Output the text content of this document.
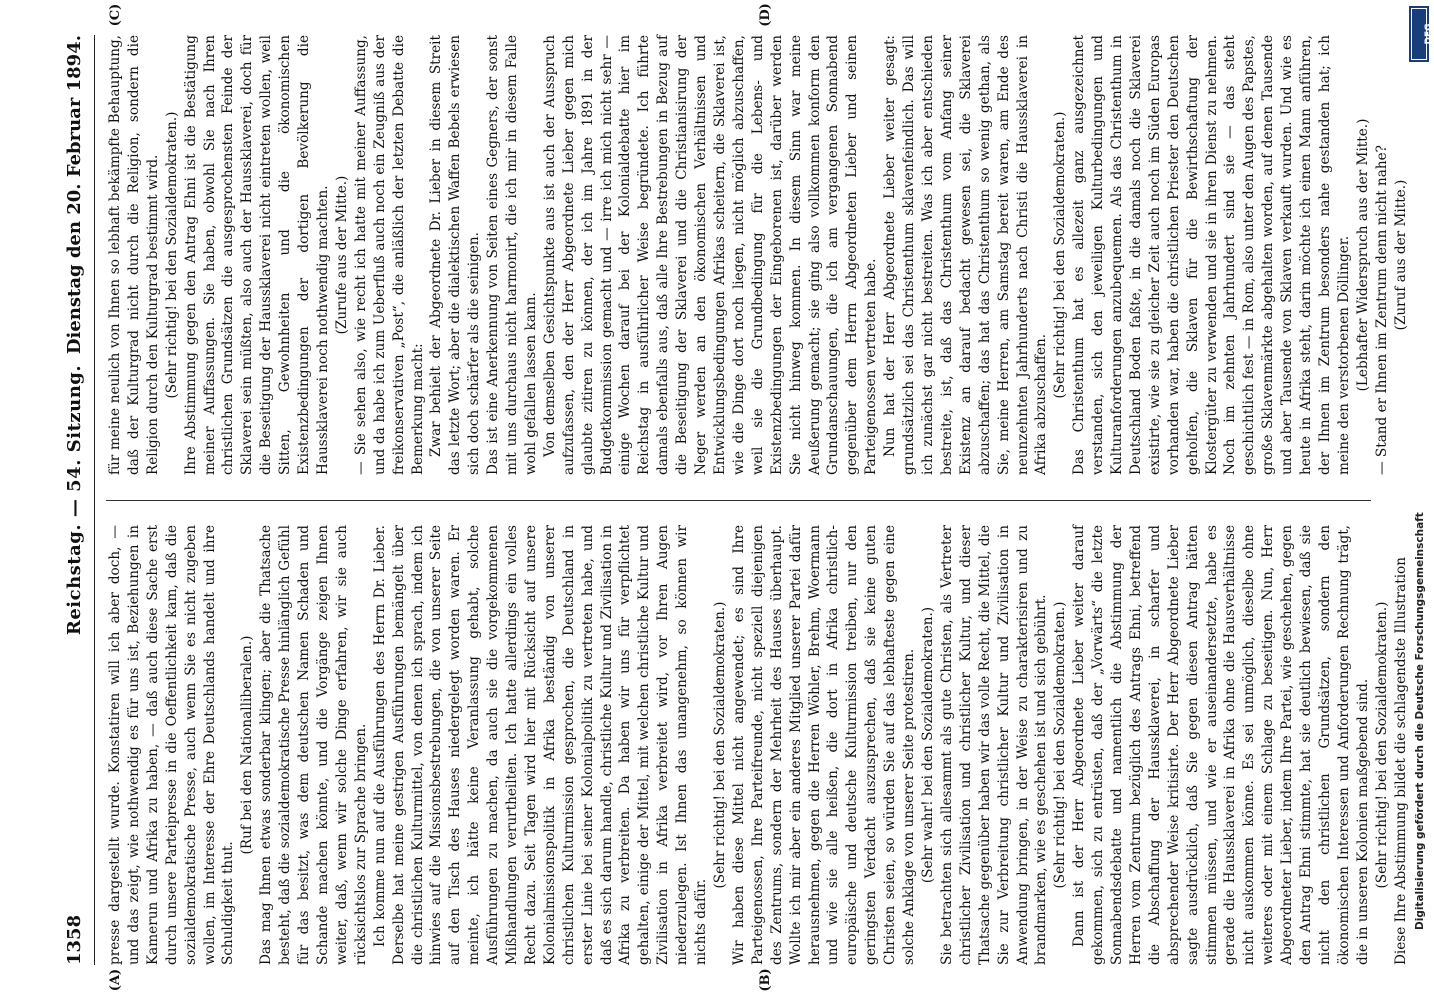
1358
Reichstag. — 54. Sitzung.
Dienstag den 20. Februar 1894.

presse dargestellt wurde. Konstatiren will ich aber doch, — und das zeigt, wie nothwendig es für uns ist, Beziehungen in Kamerun und Afrika zu haben, — daß auch diese Sache erst durch unsere Parteipresse in die Oeffentlichkeit kam, daß die sozialdemokratische Presse, auch wenn Sie es nicht zugeben wollen, im Interesse der Ehre Deutschlands handelt und ihre Schuldigkeit thut.

(Ruf bei den Nationalliberalen.) Das mag Ihnen etwas sonderbar klingen; aber die Thatsache besteht, daß die sozialdemokratische Presse hinlänglich Gefühl für das besitzt, was dem deutschen Namen Schaden und Schande machen könnte, und die Vorgänge zeigen Ihnen weiter, daß, wenn wir solche Dinge erfahren, wir sie auch rücksichtslos zur Sprache bringen. Ich komme nun auf die Ausführungen des Herrn Dr. Lieber. Derselbe hat meine gestrigen Ausführungen bemängelt über die christlichen Kulturmittel, von denen ich sprach, indem ich hinwies auf die Missionsbestrebungen, die von unserer Seite auf den Tisch des Hauses niedergelegt worden waren. Er meinte, ich hätte keine Veranlassung gehabt, solche Ausführungen zu machen, da auch sie die vorgekommenen Mißhandlungen verurtheilten. Ich hatte allerdings ein volles Recht dazu. Seit Tagen wird hier mit Rücksicht auf unsere Kolonialmissionspolitik in Afrika beständig von unserer christlichen Kulturmission gesprochen, die Deutschland in erster Linie bei seiner Kolonialpolitik zu vertreten habe, und daß es sich darum handle, christliche Kultur und Zivilisation in Afrika zu verbreiten. Da haben wir uns für verpflichtet gehalten, einige der Mittel, mit welchen christliche Kultur und Zivilisation in Afrika verbreitet wird, vor Ihren Augen niederzulegen. Ist Ihnen das unangenehm, so können wir nichts dafür.

(Sehr richtig! bei den Sozialdemokraten.) Wir haben diese Mittel nicht angewendet; es sind Ihre Parteigenossen, Ihre Parteifreunde, nicht speziell diejenigen des Zentrums, sondern der Mehrheit des Hauses überhaupt. Wollte ich mir aber ein anderes Mitglied unserer Partei dafür herausnehmen, gegen die Herren Wöhler, Brehm, Woermann und wie sie alle heißen, die dort in Afrika christlich-europäische und deutsche Kulturmission treiben, nur den geringsten Verdacht auszusprechen, daß sie keine guten Christen seien, so würden Sie auf das lebhafteste gegen eine solche Anklage von unserer Seite protestiren. (Sehr wahr! bei den Sozialdemokraten.) Sie betrachten sich allesammt als gute Christen, als Vertreter christlicher Zivilisation und christlicher Kultur, und dieser Thatsache gegenüber haben wir das volle Recht, die Mittel, die Sie zur Verbreitung christlicher Kultur und Zivilisation in Anwendung bringen, in der Weise zu charakterisiren und zu brandmarken, wie es geschehen ist und sich gebührt. (Sehr richtig! bei den Sozialdemokraten.) Dann ist der Herr Abgeordnete Lieber weiter darauf gekommen, sich zu entrüsten, daß der „Vorwärts“ die letzte Sonnabendsdebatte und namentlich die Abstimmung der Herren vom Zentrum bezüglich des Antrags Ehni, betreffend die Abschaffung der Haussklaverei, in scharfer und absprechender Weise kritisirte. Der Herr Abgeordnete Lieber sagte ausdrücklich, daß Sie gegen diesen Antrag hätten stimmen müssen, und wie er auseinandersetzte, habe es gerade die Haussklaverei in Afrika ohne die Hausverhältnisse nicht auskommen könne. Es sei unmöglich, dieselbe ohne weiteres oder mit einem Schlage zu beseitigen. Nun, Herr Abgeordneter Lieber, indem Ihre Partei, wie geschehen, gegen den Antrag Ehni stimmte, hat sie deutlich bewiesen, daß sie nicht den christlichen Grundsätzen, sondern den ökonomischen Interessen und Anforderungen Rechnung trägt, die in unseren Kolonien maßgebend sind. (Sehr richtig! bei den Sozialdemokraten.) Diese Ihre Abstimmung bildet die schlagendste Illustration

für meine neulich von Ihnen so lebhaft bekämpfte Behauptung, daß der Kulturgrad nicht durch die Religion, sondern die Religion durch den Kulturgrad bestimmt wird. (Sehr richtig! bei den Sozialdemokraten.) Ihre Abstimmung gegen den Antrag Ehni ist die Bestätigung meiner Auffassungen. Sie haben, obwohl Sie nach Ihren christlichen Grundsätzen die ausgesprochensten Feinde der Sklaverei sein müßten, also auch der Haussklaverei, doch für die Beseitigung der Haussklaverei nicht eintreten wollen, weil Sitten, Gewohnheiten und die ökonomischen Existenzbedingungen der dortigen Bevölkerung die Haussklaverei noch nothwendig machten. (Zurufe aus der Mitte.) — Sie sehen also, wie recht ich hatte mit meiner Auffassung, und da habe ich zum Ueberfluß auch noch ein Zeugniß aus der freikonservativen „Post“, die anläßlich der letzten Debatte die Bemerkung macht: Zwar behielt der Abgeordnete Dr. Lieber in diesem Streit das letzte Wort; aber die dialektischen Waffen Bebels erwiesen sich doch schärfer als die seinigen. Das ist eine Anerkennung von Seiten eines Gegners, der sonst mit uns durchaus nicht harmonirt, die ich mir in diesem Falle wohl gefallen lassen kann. Von demselben Gesichtspunkte aus ist auch der Ausspruch aufzufassen, den der Herr Abgeordnete Lieber gegen mich glaubte zitiren zu können, der ich im Jahre 1891 in der Budgetkommission gemacht und — irre ich mich nicht sehr — einige Wochen darauf bei der Kolonialdebatte hier im Reichstag in ausführlicher Weise begründete. Ich führte damals ebenfalls aus, daß alle Ihre Bestrebungen in Bezug auf die Beseitigung der Sklaverei und die Christianisirung der Neger werden an den ökonomischen Verhältnissen und Entwicklungsbedingungen Afrikas scheitern, die Sklaverei ist, wie die Dinge dort noch liegen, nicht möglich abzuschaffen, weil sie die Grundbedingung für die Lebens- und Existenzbedingungen der Eingeborenen ist, darüber werden Sie nicht hinweg kommen. In diesem Sinn war meine Aeußerung gemacht; sie ging also vollkommen konform den Grundanschauungen, die ich am vergangenen Sonnabend gegenüber dem Herrn Abgeordneten Lieber und seinen Parteigenossen vertreten habe. Nun hat der Herr Abgeordnete Lieber weiter gesagt: grundsätzlich sei das Christenthum sklavenfeindlich. Das will ich zunächst gar nicht bestreiten. Was ich aber entschieden bestreite, ist, daß das Christenthum vom Anfang seiner Existenz an darauf bedacht gewesen sei, die Sklaverei abzuschaffen; das hat das Christenthum so wenig gethan, als Sie, meine Herren, am Samstag bereit waren, am Ende des neunzehnten Jahrhunderts nach Christi die Haussklaverei in Afrika abzuschaffen.

(Sehr richtig! bei den Sozialdemokraten.) Das Christenthum hat es allezeit ganz ausgezeichnet verstanden, sich den jeweiligen Kulturbedingungen und Kulturanforderungen anzubequemen. Als das Christenthum in Deutschland Boden faßte, in die damals noch die Sklaverei existirte, wie sie zu gleicher Zeit auch noch im Süden Europas vorhanden war, haben die christlichen Priester den Deutschen geholfen, die Sklaven für die Bewirthschaftung der Klostergüter zu verwenden und sie in ihren Dienst zu nehmen. Noch im zehnten Jahrhundert sind sie — das steht geschichtlich fest — in Rom, also unter den Augen des Papstes, große Sklavenmärkte abgehalten worden, auf denen Tausende und aber Tausende von Sklaven verkauft wurden. Und wie es heute in Afrika steht, darin möchte ich einen Mann anführen, der Ihnen im Zentrum besonders nahe gestanden hat; ich meine den verstorbenen Döllinger. (Lebhafter Widerspruch aus der Mitte.) — Stand er Ihnen im Zentrum denn nicht nahe? (Zuruf aus der Mitte.)

(A)	(B)
(C)	(D)
DFG
Digitalisierung gefördert durch die Deutsche Forschungsgemeinschaft
